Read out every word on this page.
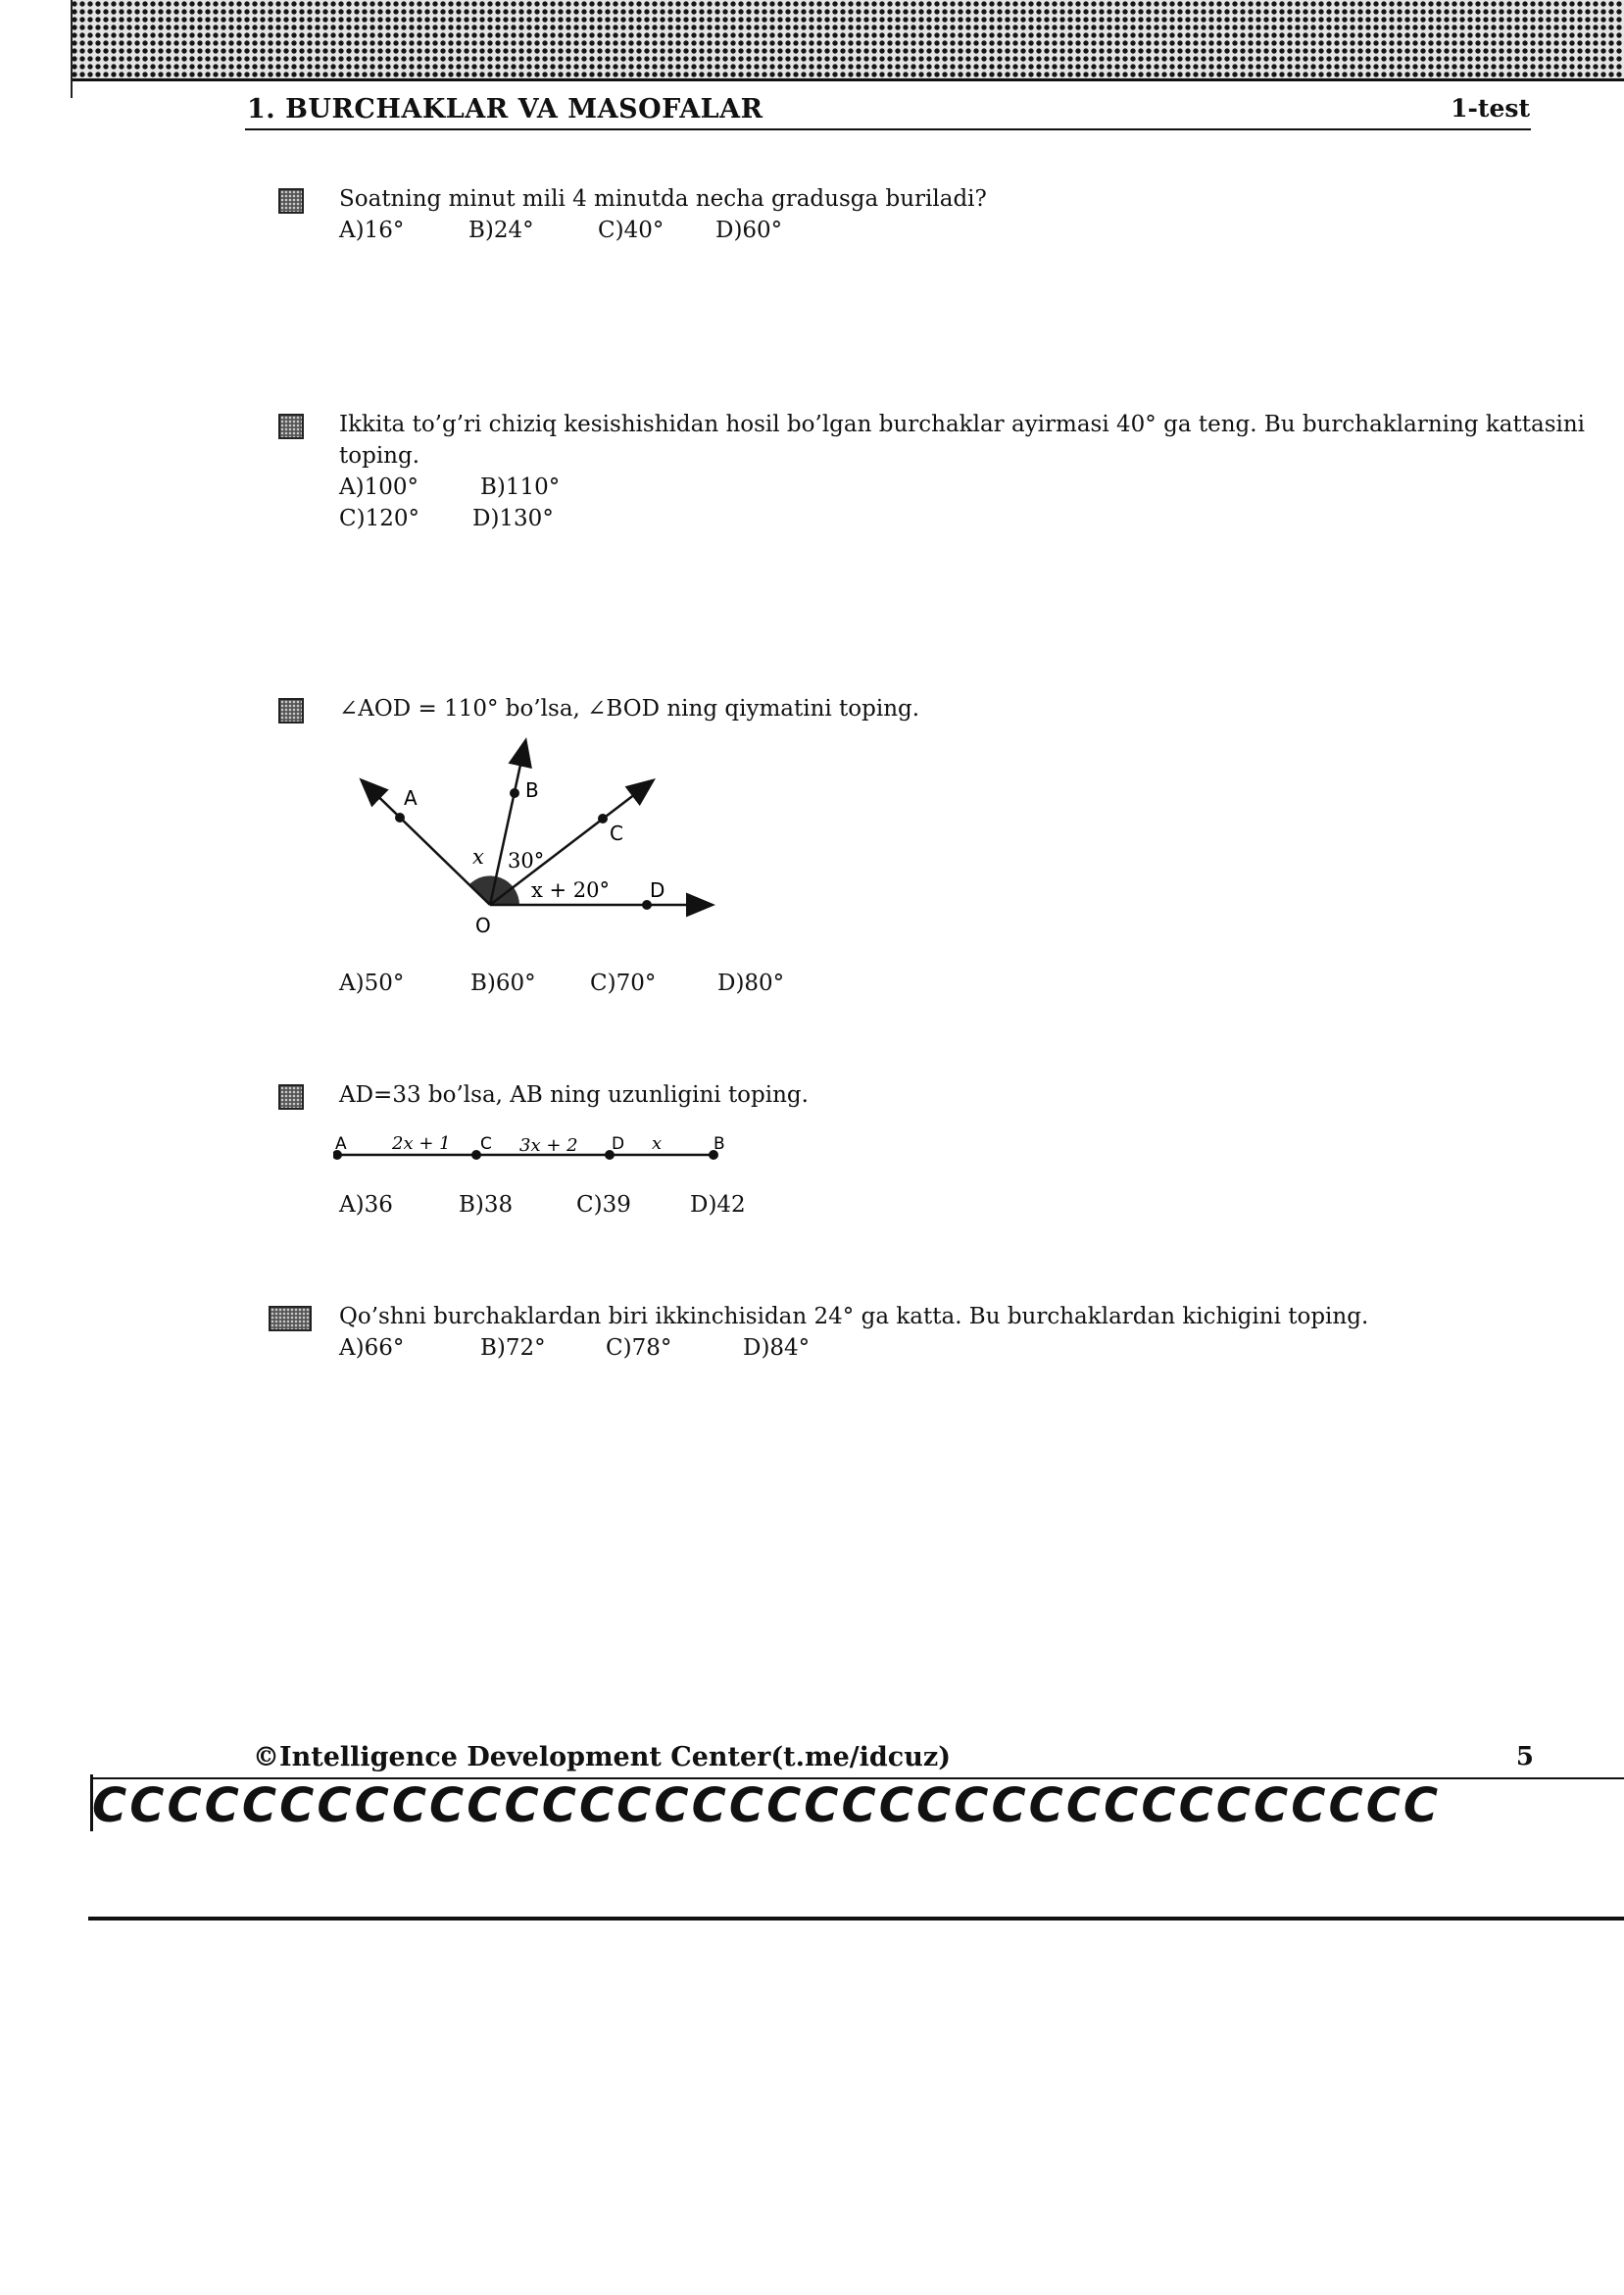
1. BURCHAKLAR VA MASOFALAR	1-test
Soatning minut mili 4 minutda necha gradusga buriladi?
A)16°	B)24°	C)40°	D)60°
Ikkita to’g’ri chiziq kesishishidan hosil bo’lgan burchaklar ayirmasi 40° ga teng. Bu burchaklarning kattasini
toping.
A)100°	B)110°
C)120°	D)130°
∠AOD = 110° bo’lsa, ∠BOD ning qiymatini toping.
A	B
C
D
O
x 30°
x + 20°
A)50°	B)60°	C)70°	D)80°
AD=33 bo’lsa, AB ning uzunligini toping.
A	2x + 1 C 3x + 2 D x	B
A)36	B)38	C)39	D)42
Qo’shni burchaklardan biri ikkinchisidan 24° ga katta. Bu burchaklardan kichigini toping.
A)66°	B)72°	C)78°	D)84°
©Intelligence Development Center(t.me/idcuz)	5
CCCCCCCCCCCCCCCCCCCCCCCCCCCCCCCCCCCC
